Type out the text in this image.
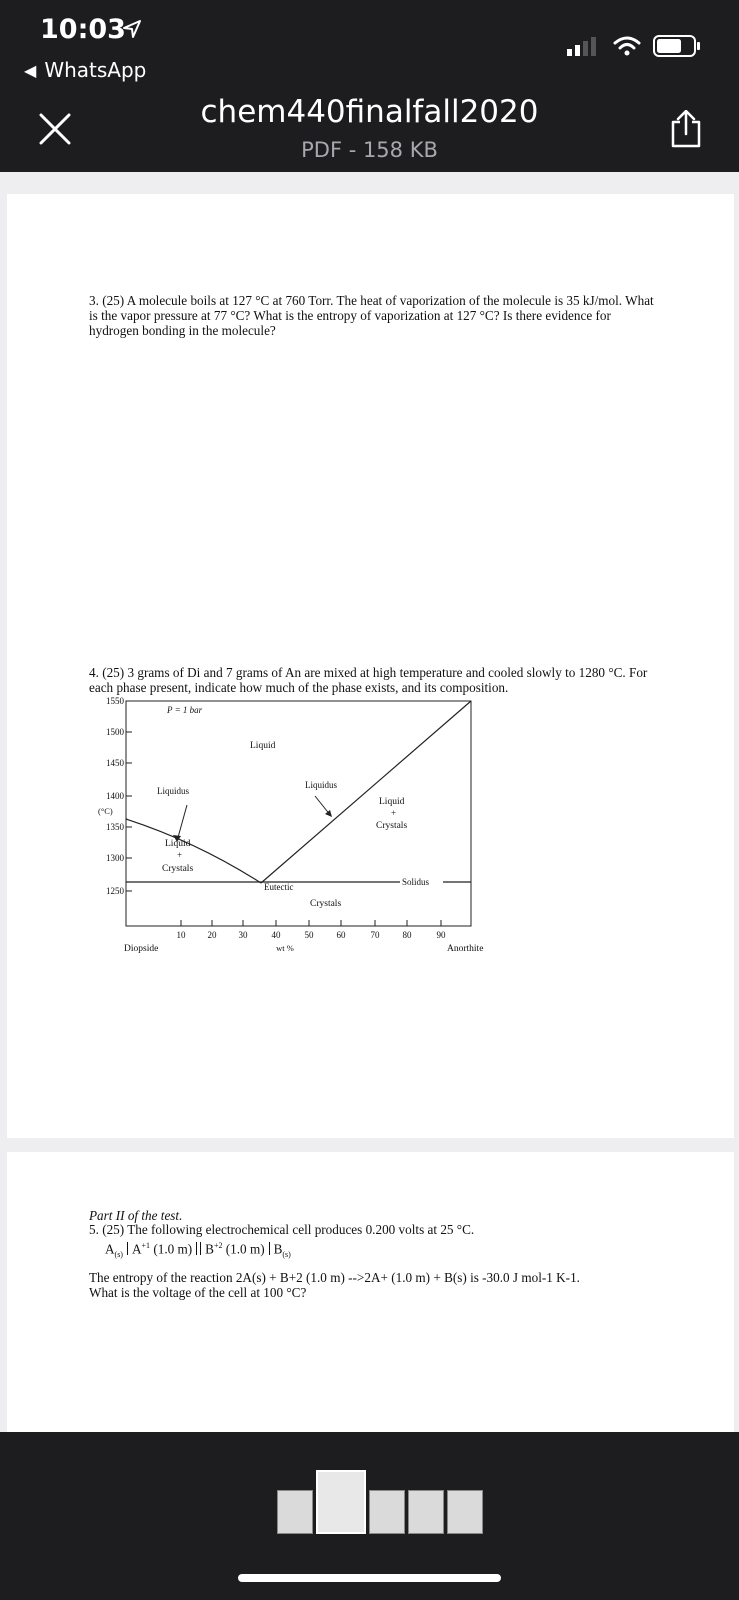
10:03
◀ WhatsApp
chem440finalfall2020
PDF - 158 KB

3. (25) A molecule boils at 127 °C at 760 Torr. The heat of vaporization of the molecule is 35 kJ/mol. What is the vapor pressure at 77 °C? What is the entropy of vaporization at 127 °C? Is there evidence for hydrogen bonding in the molecule?

4. (25) 3 grams of Di and 7 grams of An are mixed at high temperature and cooled slowly to 1280 °C. For each phase present, indicate how much of the phase exists, and its composition.

1550
1500
1450
1400
1350
1300
1250
(°C)
10 20 30	40	50	60	70	80	90
wt %
Diopside	Anorthite
P = 1 bar
Liquid
Liquidus
Liquidus
Liquid
+
Crystals
Liquid
+
Crystals
Eutectic	Solidus
Crystals

Part II of the test.

5. (25) The following electrochemical cell produces 0.200 volts at 25 °C.

$A_{(s)}$ $A^{+1}$ (1.0 m) $B^{+2}$ (1.0 m) $B_{(s)}$

The entropy of the reaction 2A(s) + B+2 (1.0 m) -->2A+ (1.0 m) + B(s) is -30.0 J mol-1 K-1.
What is the voltage of the cell at 100 °C?
